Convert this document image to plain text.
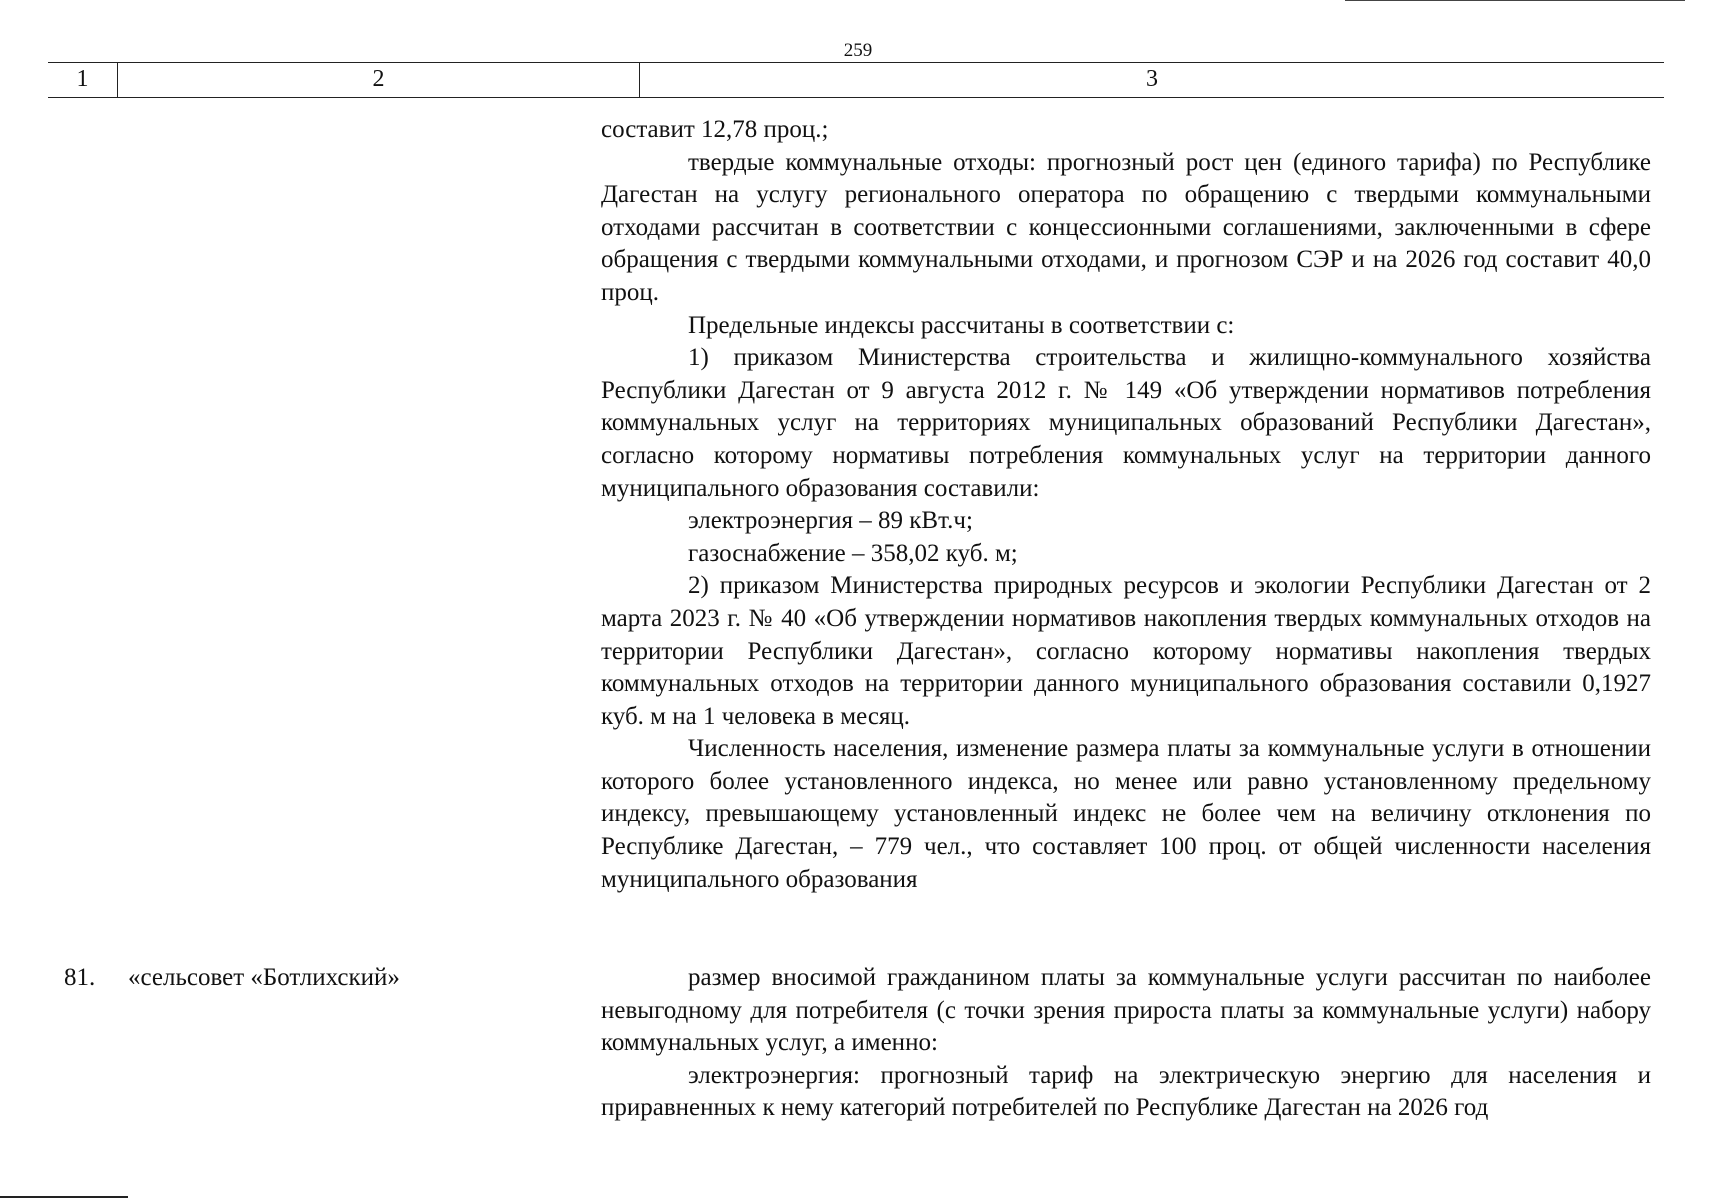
259
1	2	3

составит 12,78 проц.;

твердые коммунальные отходы: прогнозный рост цен (единого тарифа) по Республике Дагестан на услугу регионального оператора по обращению с твердыми коммунальными отходами рассчитан в соответствии с концессионными соглашениями, заключенными в сфере обращения с твердыми коммунальными отходами, и прогнозом СЭР и на 2026 год составит 40,0 проц.

Предельные индексы рассчитаны в соответствии с:

1) приказом Министерства строительства и жилищно-коммунального хозяйства Республики Дагестан от 9 августа 2012 г. № 149 «Об утверждении нормативов потребления коммунальных услуг на территориях муниципальных образований Республики Дагестан», согласно которому нормативы потребления коммунальных услуг на территории данного муниципального образования составили:

электроэнергия – 89 кВт.ч;

газоснабжение – 358,02 куб. м;

2) приказом Министерства природных ресурсов и экологии Республики Дагестан от 2 марта 2023 г. № 40 «Об утверждении нормативов накопления твердых коммунальных отходов на территории Республики Дагестан», согласно которому нормативы накопления твердых коммунальных отходов на территории данного муниципального образования составили 0,1927 куб. м на 1 человека в месяц.

Численность населения, изменение размера платы за коммунальные услуги в отношении которого более установленного индекса, но менее или равно установленному предельному индексу, превышающему установленный индекс не более чем на величину отклонения по Республике Дагестан, – 779 чел., что составляет 100 проц. от общей численности населения муниципального образования

81. «сельсовет «Ботлихский»	размер вносимой гражданином платы за коммунальные услуги рассчитан по наиболее невыгодному для потребителя (с точки зрения прироста платы за коммунальные услуги) набору коммунальных услуг, а именно:

электроэнергия: прогнозный тариф на электрическую энергию для населения и приравненных к нему категорий потребителей по Республике Дагестан на 2026 год
